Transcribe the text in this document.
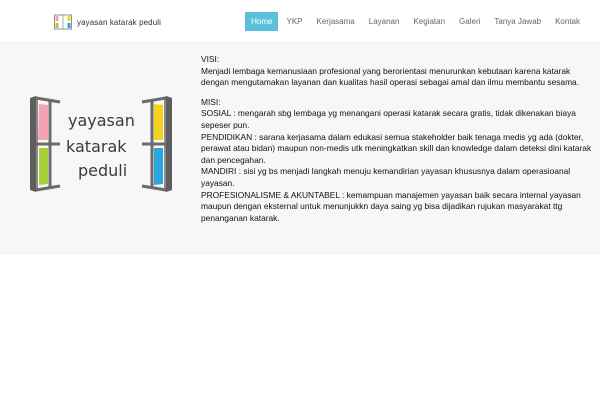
yayasan katarak peduli	Home	YKP	Kerjasama	Layanan	Kegiatan	Galeri	Tanya Jawab	Kontak
yayasan
katarak
peduli

VISI:

Menjadi lembaga kemanusiaan profesional yang berorientasi menurunkan kebutaan karena katarak dengan mengutamakan layanan dan kualitas hasil operasi sebagai amal dan ilmu membantu sesama.

MISI:

SOSIAL : mengarah sbg lembaga yg menangani operasi katarak secara gratis, tidak dikenakan biaya sepeser pun.

PENDIDIKAN : sarana kerjasama dalam edukasi semua stakeholder baik tenaga medis yg ada (dokter, perawat atau bidan) maupun non-medis utk meningkatkan skill dan knowledge dalam deteksi dini katarak dan pencegahan.

MANDIRI : sisi yg bs menjadi langkah menuju kemandirian yayasan khususnya dalam operasioanal yayasan.

PROFESIONALISME & AKUNTABEL : kemampuan manajemen yayasan baik secara internal yayasan maupun dengan eksternal untuk menunjukkn daya saing yg bisa dijadikan rujukan masyarakat ttg penanganan katarak.
